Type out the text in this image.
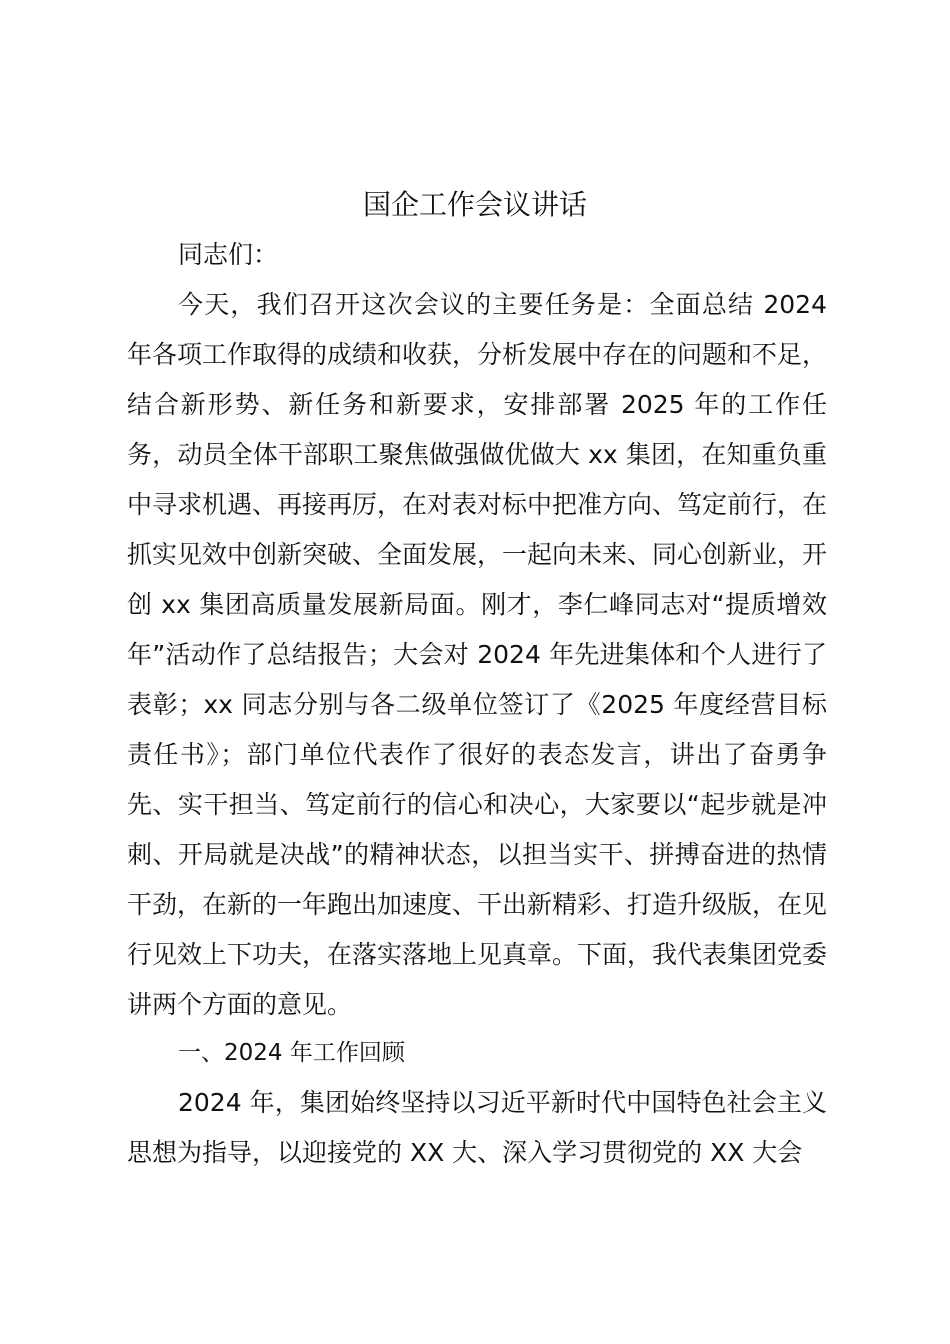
国企工作会议讲话

同志们：

今天，我们召开这次会议的主要任务是：全面总结 2024 年各项工作取得的成绩和收获，分析发展中存在的问题和不足，结合新形势、新任务和新要求，安排部署 2025 年的工作任务，动员全体干部职工聚焦做强做优做大 xx 集团，在知重负重中寻求机遇、再接再厉，在对表对标中把准方向、笃定前行，在抓实见效中创新突破、全面发展，一起向未来、同心创新业，开创 xx 集团高质量发展新局面。刚才，李仁峰同志对“提质增效年”活动作了总结报告；大会对 2024 年先进集体和个人进行了表彰；xx 同志分别与各二级单位签订了《2025 年度经营目标责任书》；部门单位代表作了很好的表态发言，讲出了奋勇争先、实干担当、笃定前行的信心和决心，大家要以“起步就是冲刺、开局就是决战”的精神状态，以担当实干、拼搏奋进的热情干劲，在新的一年跑出加速度、干出新精彩、打造升级版，在见行见效上下功夫，在落实落地上见真章。下面，我代表集团党委讲两个方面的意见。

一、2024 年工作回顾

2024 年，集团始终坚持以习近平新时代中国特色社会主义思想为指导，以迎接党的 XX 大、深入学习贯彻党的 XX 大会
